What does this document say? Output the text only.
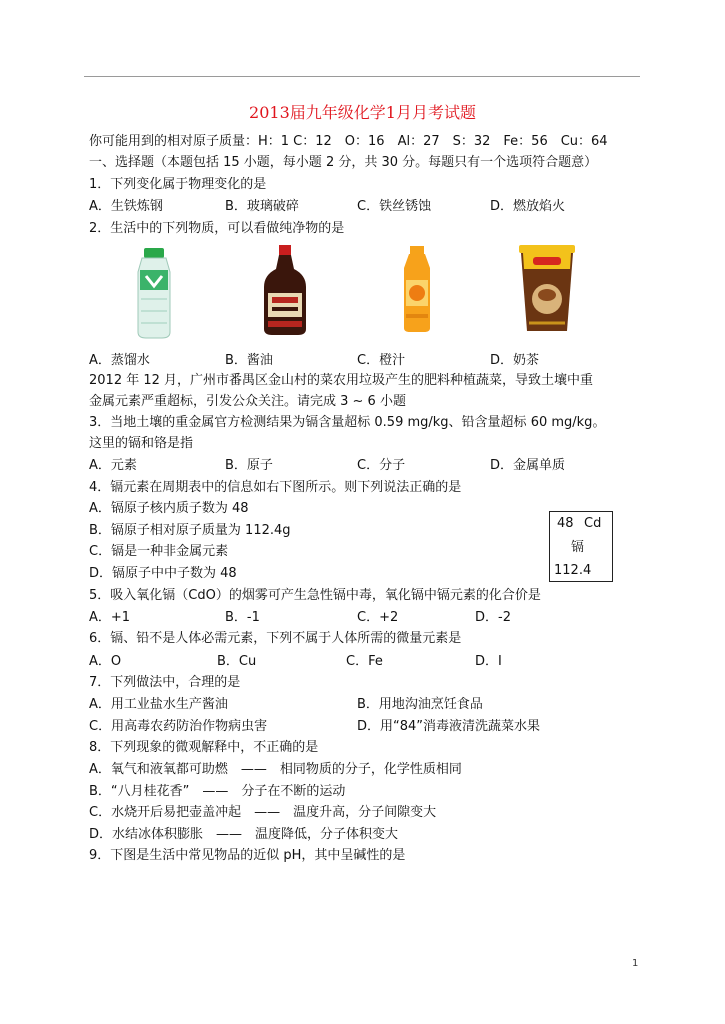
2013届九年级化学1月月考试题
你可能用到的相对原子质量：H：1 C：12　O：16　Al：27　S：32　Fe：56　Cu：64
一、选择题（本题包括 15 小题，每小题 2 分，共 30 分。每题只有一个选项符合题意）
1．下列变化属于物理变化的是
A．生铁炼钢	B．玻璃破碎	C．铁丝锈蚀	D．燃放焰火
2．生活中的下列物质，可以看做纯净物的是
A．蒸馏水	B．酱油	C．橙汁	D．奶茶
2012 年 12 月，广州市番禺区金山村的菜农用垃圾产生的肥料种植蔬菜，导致土壤中重
金属元素严重超标，引发公众关注。请完成 3 ~ 6 小题
3．当地土壤的重金属官方检测结果为镉含量超标 0.59 mg/kg、铅含量超标 60 mg/kg。
这里的镉和铬是指
A．元素	B．原子	C．分子	D．金属单质
4．镉元素在周期表中的信息如右下图所示。则下列说法正确的是
A．镉原子核内质子数为 48
B．镉原子相对原子质量为 112.4g
C．镉是一种非金属元素
D．镉原子中中子数为 48
48 Cd
镉
112.4
5．吸入氧化镉（CdO）的烟雾可产生急性镉中毒，氧化镉中镉元素的化合价是
A．+1	B．-1	C．+2	D．-2
6．镉、铅不是人体必需元素，下列不属于人体所需的微量元素是
A．O	B．Cu	C．Fe	D．I
7．下列做法中，合理的是
A．用工业盐水生产酱油	B．用地沟油烹饪食品
C．用高毒农药防治作物病虫害	D．用“84”消毒液清洗蔬菜水果
8．下列现象的微观解释中，不正确的是
A．氧气和液氧都可助燃　——　相同物质的分子，化学性质相同
B．“八月桂花香”　——　分子在不断的运动
C．水烧开后易把壶盖冲起　——　温度升高，分子间隙变大
D．水结冰体积膨胀　——　温度降低，分子体积变大
9．下图是生活中常见物品的近似 pH，其中呈碱性的是
1
